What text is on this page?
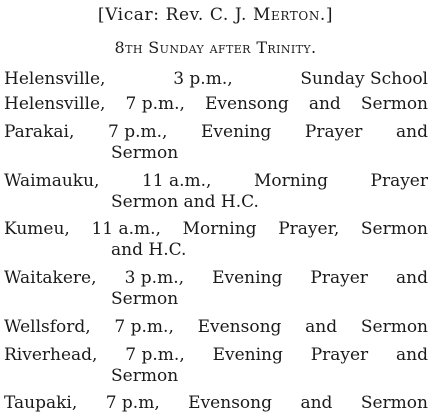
[Vicar: Rev. C. J. Merton.]
8th Sunday after Trinity.
Helensville,	3 p.m.,	Sunday School
Helensville, 7 p.m., Evensong and Sermon
Parakai, 7 p.m., Evening Prayer and
Sermon
Waimauku,	11 a.m.,	Morning	Prayer
Sermon and H.C.
Kumeu, 11 a.m., Morning Prayer, Sermon
and H.C.
Waitakere, 3 p.m., Evening Prayer and
Sermon
Wellsford, 7 p.m., Evensong and Sermon
Riverhead, 7 p.m., Evening Prayer and
Sermon
Taupaki, 7 p.m, Evensong and Sermon
